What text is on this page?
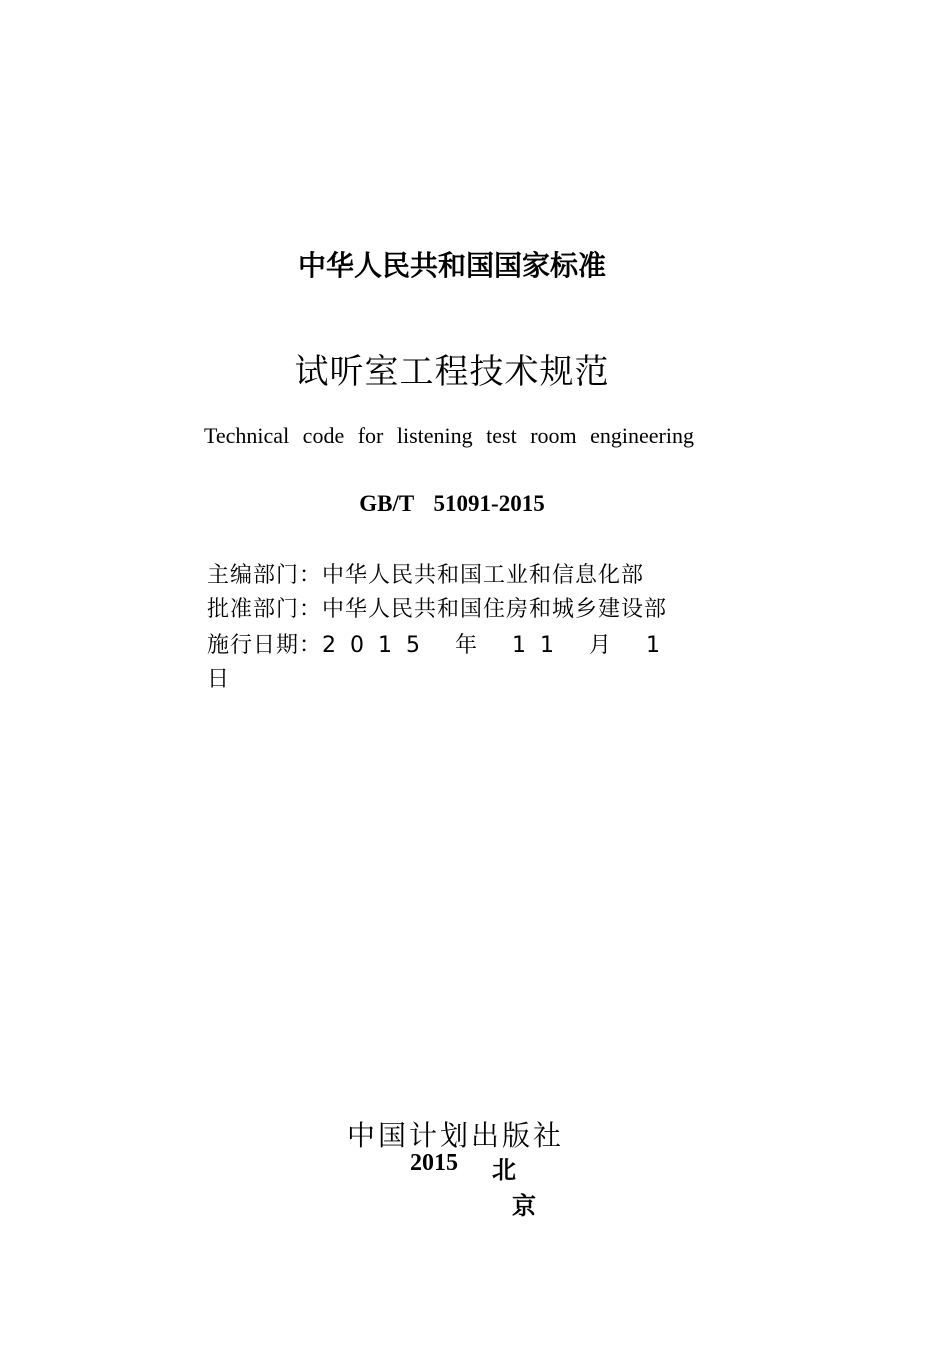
中华人民共和国国家标准
试听室工程技术规范
Technical code for listening test room engineering
GB/T 51091-2015
主编部门：中华人民共和国工业和信息化部
批准部门：中华人民共和国住房和城乡建设部
施行日期：2015 年 11 月 1
日
中国计划出版社
2015 北
京
